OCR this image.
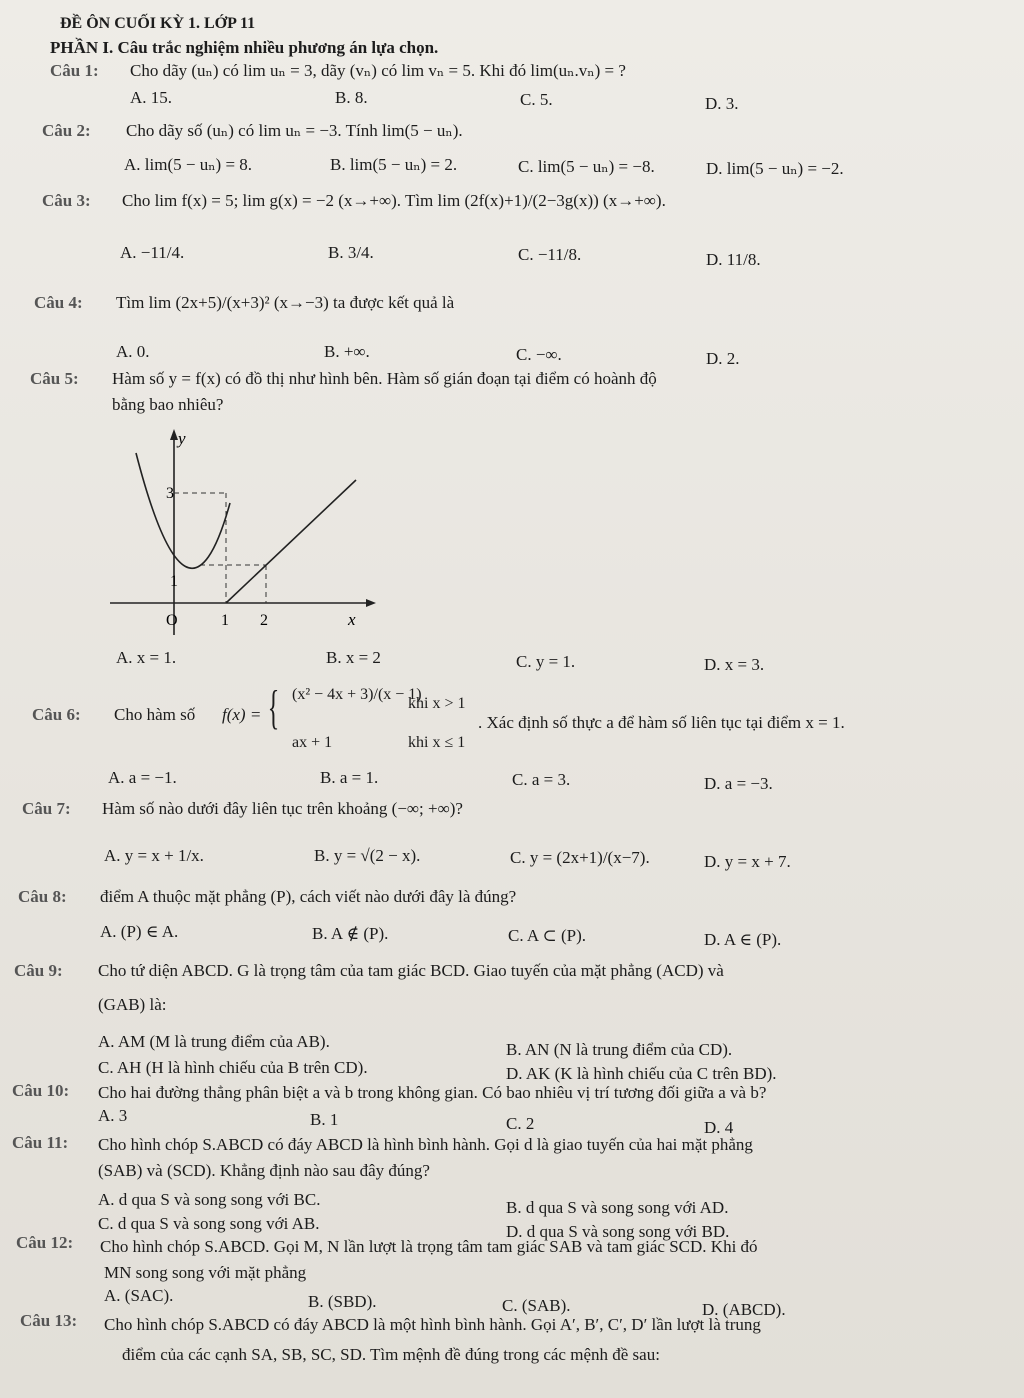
ĐỀ ÔN CUỐI KỲ 1. LỚP 11
PHẦN I. Câu trắc nghiệm nhiều phương án lựa chọn.
Câu 1: Cho dãy (uₙ) có lim uₙ = 3, dãy (vₙ) có lim vₙ = 5. Khi đó lim(uₙ.vₙ) = ?
A. 15.	B. 8.	C. 5.	D. 3.
Câu 2: Cho dãy số (uₙ) có lim uₙ = −3. Tính lim(5 − uₙ).
A. lim(5 − uₙ) = 8.	B. lim(5 − uₙ) = 2.	C. lim(5 − uₙ) = −8.	D. lim(5 − uₙ) = −2.
Câu 3: Cho lim f(x) = 5; lim g(x) = −2 (x→+∞). Tìm lim (2f(x)+1)/(2−3g(x)) (x→+∞).
A. −11/4.	B. 3/4.	C. −11/8.	D. 11/8.
Câu 4: Tìm lim (2x+5)/(x+3)² (x→−3) ta được kết quả là
A. 0.	B. +∞.	C. −∞.	D. 2.
Câu 5: Hàm số y = f(x) có đồ thị như hình bên. Hàm số gián đoạn tại điểm có hoành độ
bằng bao nhiêu?
y
x
O	1 2
1
3
A. x = 1.	B. x = 2	C. y = 1.	D. x = 3.
Câu 6: Cho hàm số f(x) = { (x² − 4x + 3)/(x − 1)
khi x > 1
ax + 1	khi x ≤ 1
. Xác định số thực a để hàm số liên tục tại điểm x = 1.
A. a = −1.	B. a = 1.	C. a = 3.	D. a = −3.
Câu 7: Hàm số nào dưới đây liên tục trên khoảng (−∞; +∞)?
A. y = x + 1/x.	B. y = √(2 − x).	C. y = (2x+1)/(x−7).	D. y = x + 7.
Câu 8: điểm A thuộc mặt phẳng (P), cách viết nào dưới đây là đúng?
A. (P) ∈ A.	B. A ∉ (P).	C. A ⊂ (P).	D. A ∈ (P).
Câu 9: Cho tứ diện ABCD. G là trọng tâm của tam giác BCD. Giao tuyến của mặt phẳng (ACD) và
(GAB) là:
A. AM (M là trung điểm của AB).	B. AN (N là trung điểm của CD).
C. AH (H là hình chiếu của B trên CD).	D. AK (K là hình chiếu của C trên BD).
Câu 10: Cho hai đường thẳng phân biệt a và b trong không gian. Có bao nhiêu vị trí tương đối giữa a và b?
A. 3	B. 1	C. 2	D. 4
Câu 11: Cho hình chóp S.ABCD có đáy ABCD là hình bình hành. Gọi d là giao tuyến của hai mặt phẳng
(SAB) và (SCD). Khẳng định nào sau đây đúng?
A. d qua S và song song với BC.	B. d qua S và song song với AD.
C. d qua S và song song với AB.	D. d qua S và song song với BD.
Câu 12: Cho hình chóp S.ABCD. Gọi M, N lần lượt là trọng tâm tam giác SAB và tam giác SCD. Khi đó
MN song song với mặt phẳng
A. (SAC).	B. (SBD).	C. (SAB).	D. (ABCD).
Câu 13: Cho hình chóp S.ABCD có đáy ABCD là một hình bình hành. Gọi A′, B′, C′, D′ lần lượt là trung
điểm của các cạnh SA, SB, SC, SD. Tìm mệnh đề đúng trong các mệnh đề sau:
